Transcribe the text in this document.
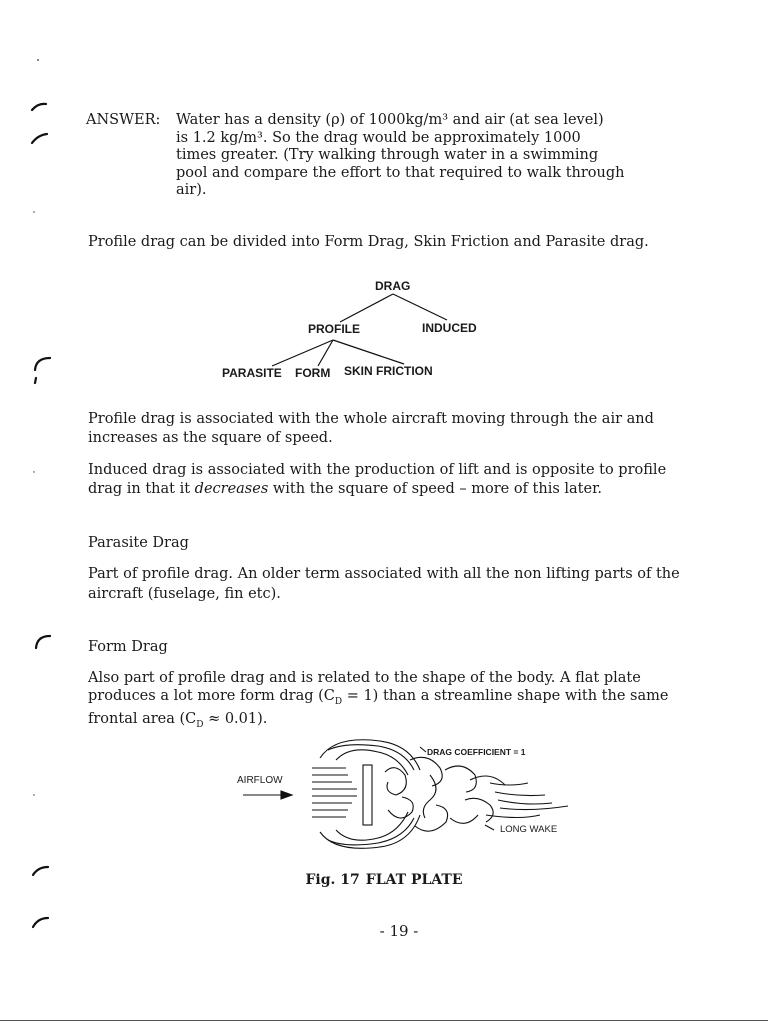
ANSWER: Water has a density (ρ) of 1000kg/m³ and air (at sea level)
is 1.2 kg/m³. So the drag would be approximately 1000
times greater. (Try walking through water in a swimming
pool and compare the effort to that required to walk through
air).
Profile drag can be divided into Form Drag, Skin Friction and Parasite drag.
DRAG
PROFILE	INDUCED
PARASITE FORM SKIN FRICTION
Profile drag is associated with the whole aircraft moving through the air and
increases as the square of speed.
Induced drag is associated with the production of lift and is opposite to profile
drag in that it decreases with the square of speed – more of this later.
Parasite Drag
Part of profile drag. An older term associated with all the non lifting parts of the
aircraft (fuselage, fin etc).
Form Drag
Also part of profile drag and is related to the shape of the body. A flat plate
produces a lot more form drag $(C_D = 1)$ than a streamline shape with the same
frontal area $(C_D \approx 0.01)$.
AIRFLOW
DRAG COEFFICIENT = 1
LONG WAKE
Fig. 17 FLAT PLATE
- 19 -
